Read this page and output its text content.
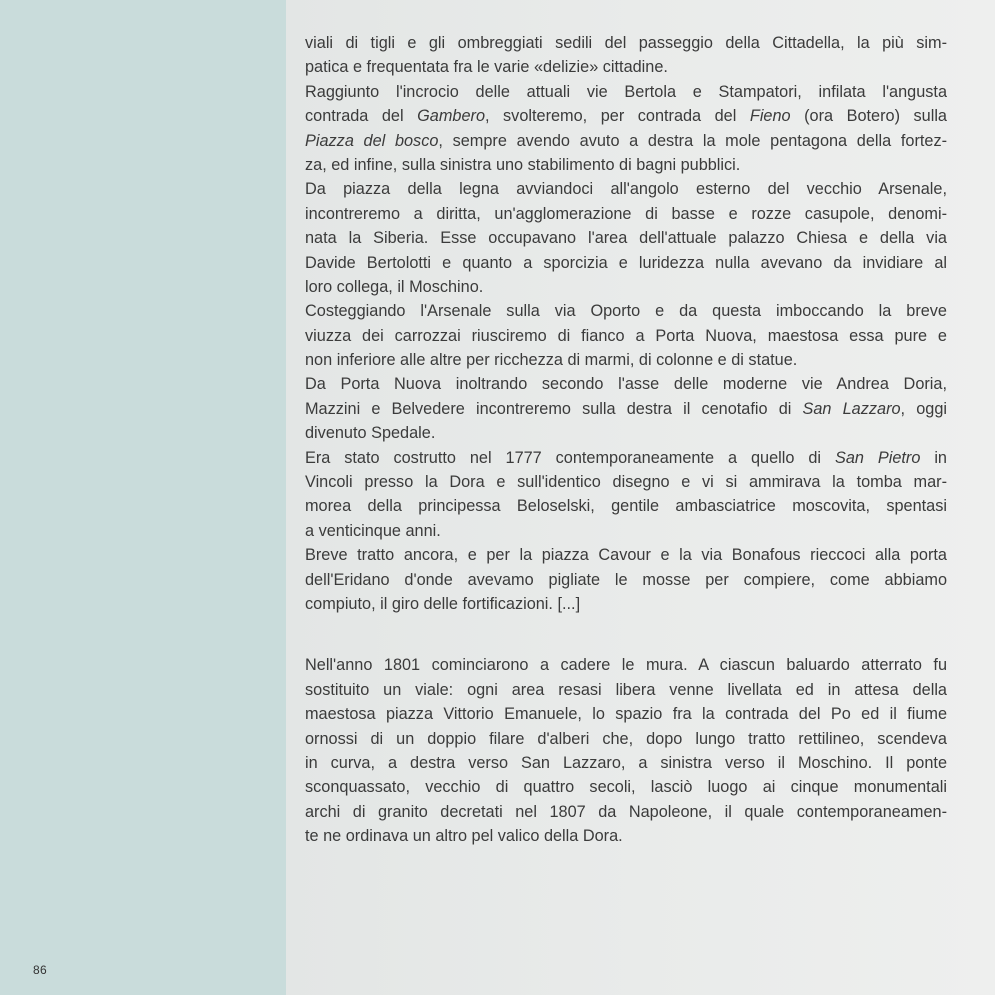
86
viali di tigli e gli ombreggiati sedili del passeggio della Cittadella, la più sim-
patica e frequentata fra le varie «delizie» cittadine.
Raggiunto l'incrocio delle attuali vie Bertola e Stampatori, infilata l'angusta
contrada del Gambero, svolteremo, per contrada del Fieno (ora Botero) sulla
Piazza del bosco, sempre avendo avuto a destra la mole pentagona della fortez-
za, ed infine, sulla sinistra uno stabilimento di bagni pubblici.
Da piazza della legna avviandoci all'angolo esterno del vecchio Arsenale,
incontreremo a diritta, un'agglomerazione di basse e rozze casupole, denomi-
nata la Siberia. Esse occupavano l'area dell'attuale palazzo Chiesa e della via
Davide Bertolotti e quanto a sporcizia e luridezza nulla avevano da invidiare al
loro collega, il Moschino.
Costeggiando l'Arsenale sulla via Oporto e da questa imboccando la breve
viuzza dei carrozzai riusciremo di fianco a Porta Nuova, maestosa essa pure e
non inferiore alle altre per ricchezza di marmi, di colonne e di statue.
Da Porta Nuova inoltrando secondo l'asse delle moderne vie Andrea Doria,
Mazzini e Belvedere incontreremo sulla destra il cenotafio di San Lazzaro, oggi
divenuto Spedale.
Era stato costrutto nel 1777 contemporaneamente a quello di San Pietro in
Vincoli presso la Dora e sull'identico disegno e vi si ammirava la tomba mar-
morea della principessa Beloselski, gentile ambasciatrice moscovita, spentasi
a venticinque anni.
Breve tratto ancora, e per la piazza Cavour e la via Bonafous rieccoci alla porta
dell'Eridano d'onde avevamo pigliate le mosse per compiere, come abbiamo
compiuto, il giro delle fortificazioni. [...]
Nell'anno 1801 cominciarono a cadere le mura. A ciascun baluardo atterrato fu
sostituito un viale: ogni area resasi libera venne livellata ed in attesa della
maestosa piazza Vittorio Emanuele, lo spazio fra la contrada del Po ed il fiume
ornossi di un doppio filare d'alberi che, dopo lungo tratto rettilineo, scendeva
in curva, a destra verso San Lazzaro, a sinistra verso il Moschino. Il ponte
sconquassato, vecchio di quattro secoli, lasciò luogo ai cinque monumentali
archi di granito decretati nel 1807 da Napoleone, il quale contemporaneamen-
te ne ordinava un altro pel valico della Dora.
